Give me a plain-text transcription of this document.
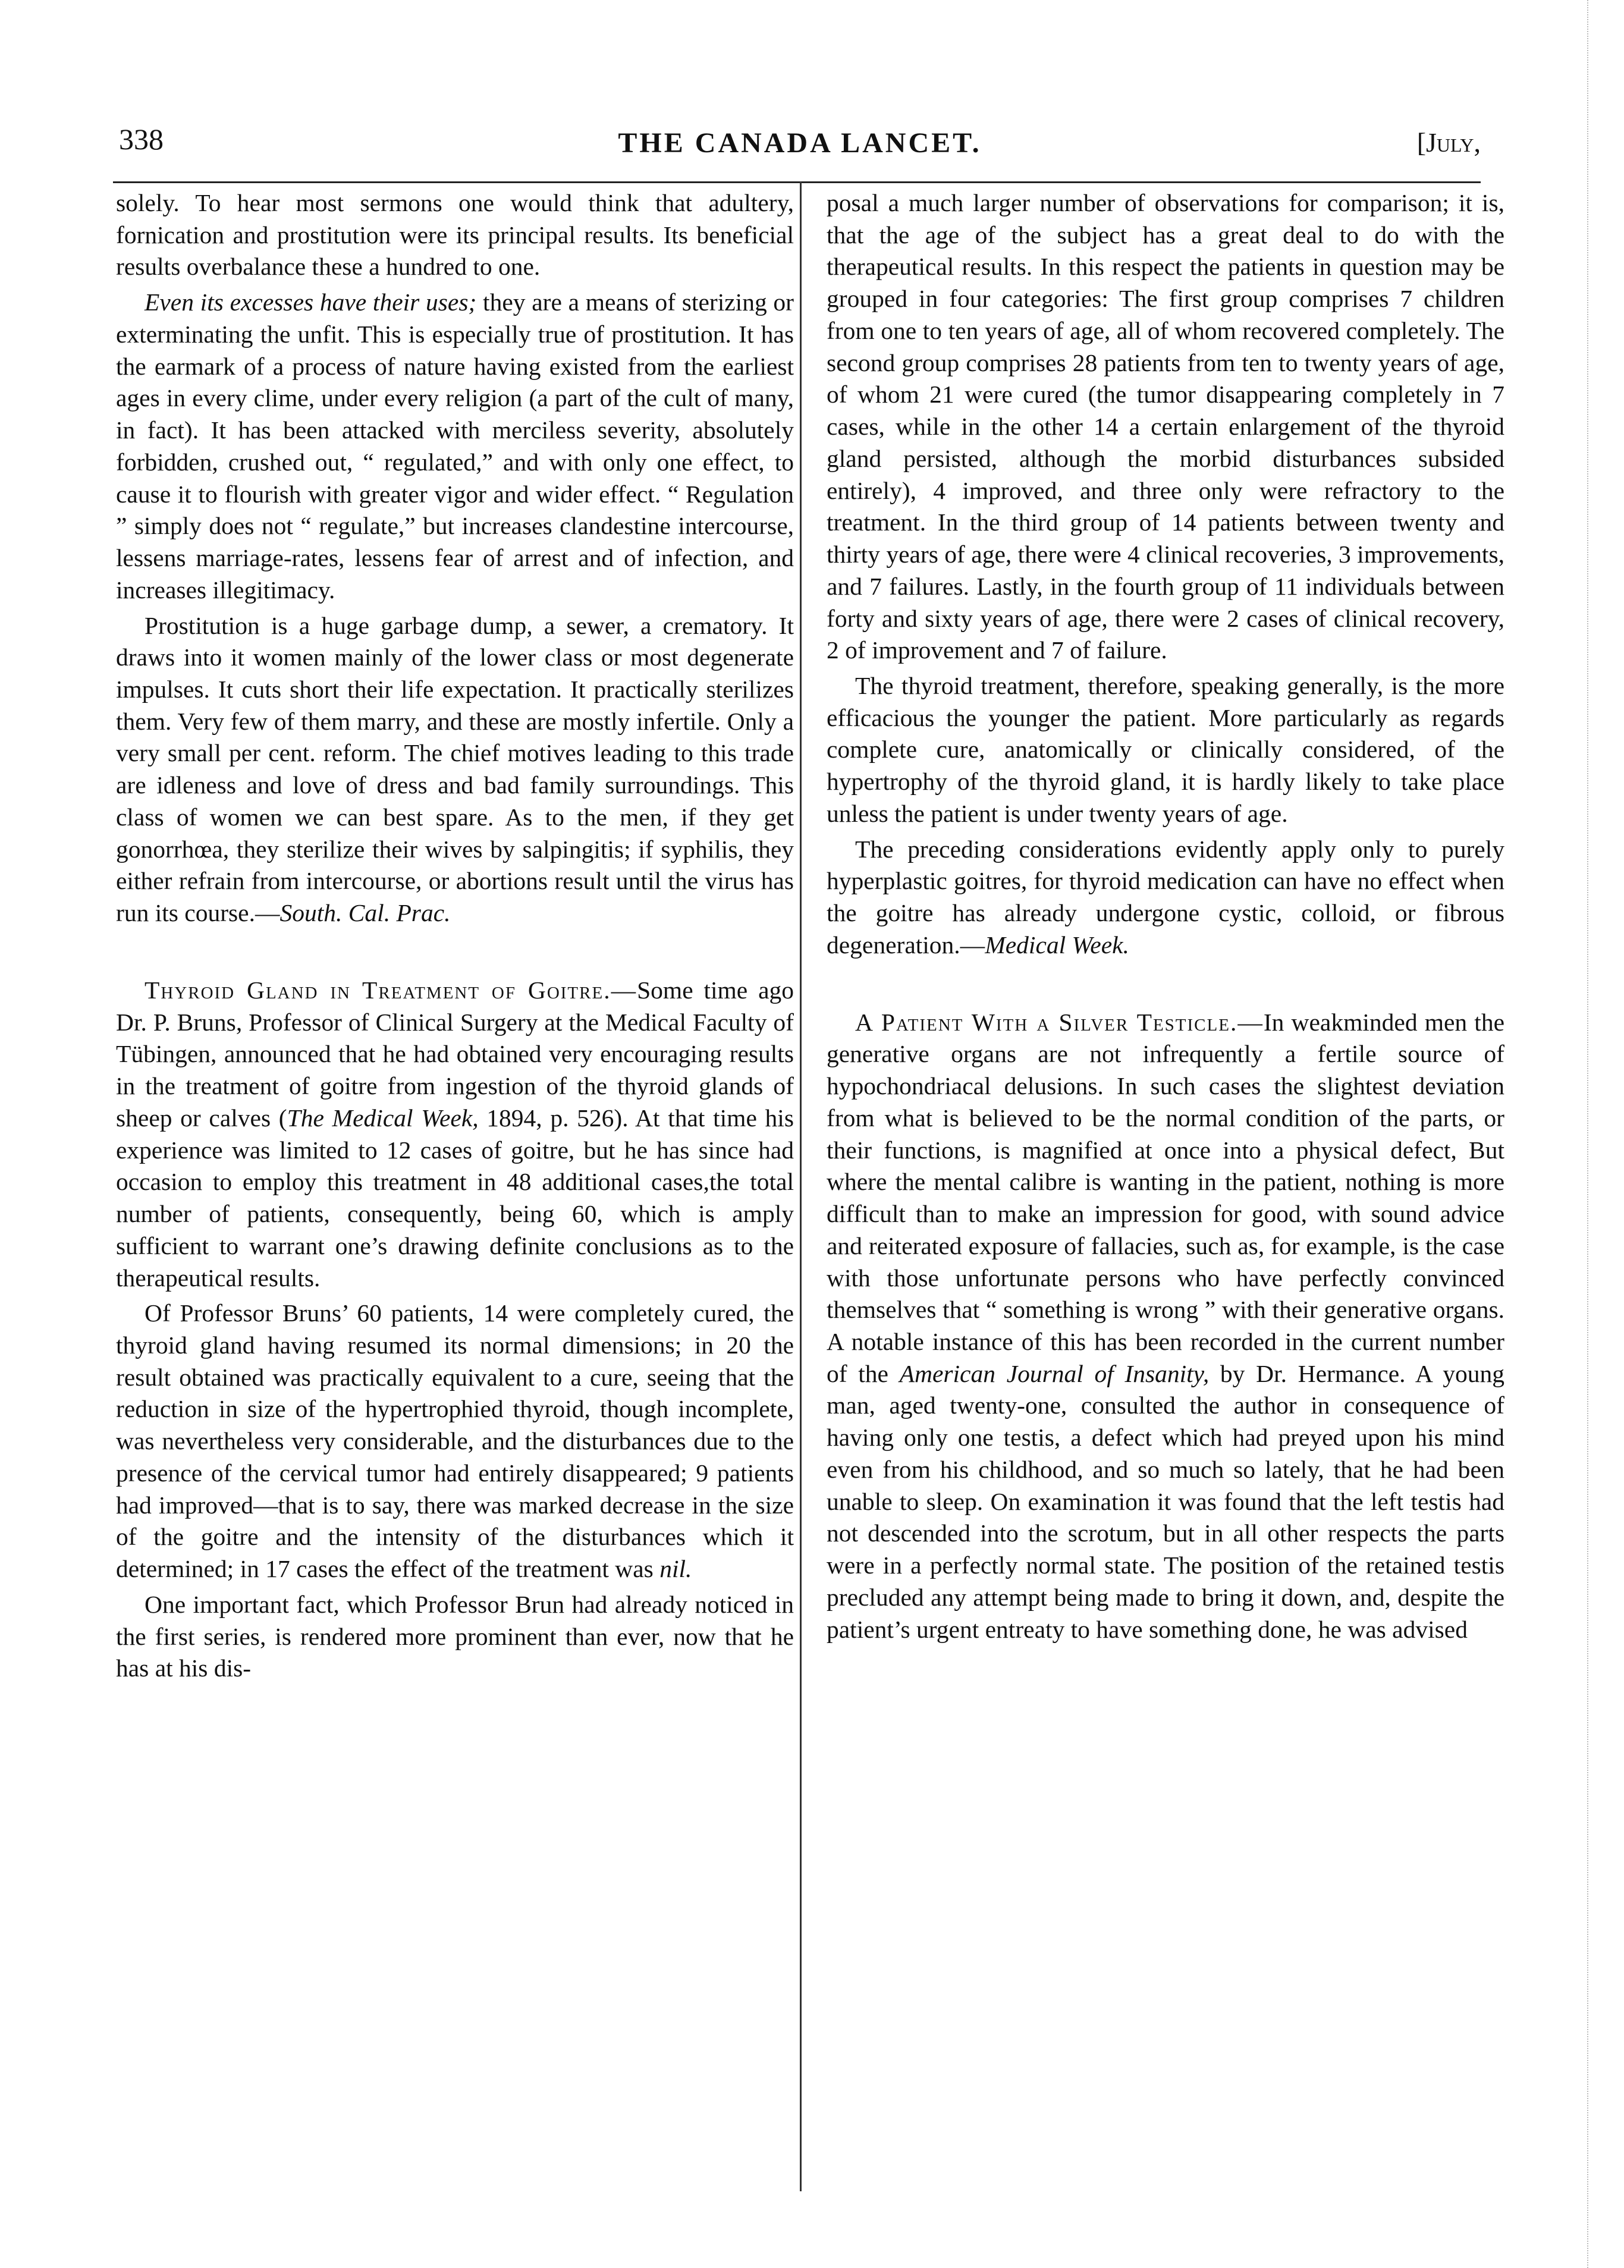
338	THE CANADA LANCET.	[July,

solely. To hear most sermons one would think that adultery, fornication and prostitution were its principal results. Its beneficial results overbalance these a hundred to one.

Even its excesses have their uses; they are a means of sterizing or exterminating the unfit. This is especially true of prostitution. It has the earmark of a process of nature having existed from the earliest ages in every clime, under every religion (a part of the cult of many, in fact). It has been attacked with merciless severity, absolutely forbidden, crushed out, “ regulated,” and with only one effect, to cause it to flourish with greater vigor and wider effect. “ Regulation ” simply does not “ regulate,” but increases clandestine intercourse, lessens marriage-rates, lessens fear of arrest and of infection, and increases illegitimacy.

Prostitution is a huge garbage dump, a sewer, a crematory. It draws into it women mainly of the lower class or most degenerate impulses. It cuts short their life expectation. It practically sterilizes them. Very few of them marry, and these are mostly infertile. Only a very small per cent. reform. The chief motives leading to this trade are idleness and love of dress and bad family surroundings. This class of women we can best spare. As to the men, if they get gonorrhœa, they sterilize their wives by salpingitis; if syphilis, they either refrain from intercourse, or abortions result until the virus has run its course.—South. Cal. Prac.

Thyroid Gland in Treatment of Goitre.—Some time ago Dr. P. Bruns, Professor of Clinical Surgery at the Medical Faculty of Tübingen, announced that he had obtained very encouraging results in the treatment of goitre from ingestion of the thyroid glands of sheep or calves (The Medical Week, 1894, p. 526). At that time his experience was limited to 12 cases of goitre, but he has since had occasion to employ this treatment in 48 additional cases,the total number of patients, consequently, being 60, which is amply sufficient to warrant one’s drawing definite conclusions as to the therapeutical results.

Of Professor Bruns’ 60 patients, 14 were completely cured, the thyroid gland having resumed its normal dimensions; in 20 the result obtained was practically equivalent to a cure, seeing that the reduction in size of the hypertrophied thyroid, though incomplete, was nevertheless very considerable, and the disturbances due to the presence of the cervical tumor had entirely disappeared; 9 patients had improved—that is to say, there was marked decrease in the size of the goitre and the intensity of the disturbances which it determined; in 17 cases the effect of the treatment was nil.

One important fact, which Professor Brun had already noticed in the first series, is rendered more prominent than ever, now that he has at his dis-

posal a much larger number of observations for comparison; it is, that the age of the subject has a great deal to do with the therapeutical results. In this respect the patients in question may be grouped in four categories: The first group comprises 7 children from one to ten years of age, all of whom recovered completely. The second group comprises 28 patients from ten to twenty years of age, of whom 21 were cured (the tumor disappearing completely in 7 cases, while in the other 14 a certain enlargement of the thyroid gland persisted, although the morbid disturbances subsided entirely), 4 improved, and three only were refractory to the treatment. In the third group of 14 patients between twenty and thirty years of age, there were 4 clinical recoveries, 3 improvements, and 7 failures. Lastly, in the fourth group of 11 individuals between forty and sixty years of age, there were 2 cases of clinical recovery, 2 of improvement and 7 of failure.

The thyroid treatment, therefore, speaking generally, is the more efficacious the younger the patient. More particularly as regards complete cure, anatomically or clinically considered, of the hypertrophy of the thyroid gland, it is hardly likely to take place unless the patient is under twenty years of age.

The preceding considerations evidently apply only to purely hyperplastic goitres, for thyroid medication can have no effect when the goitre has already undergone cystic, colloid, or fibrous degeneration.—Medical Week.

A Patient With a Silver Testicle.—In weakminded men the generative organs are not infrequently a fertile source of hypochondriacal delusions. In such cases the slightest deviation from what is believed to be the normal condition of the parts, or their functions, is magnified at once into a physical defect, But where the mental calibre is wanting in the patient, nothing is more difficult than to make an impression for good, with sound advice and reiterated exposure of fallacies, such as, for example, is the case with those unfortunate persons who have perfectly convinced themselves that “ something is wrong ” with their generative organs. A notable instance of this has been recorded in the current number of the American Journal of Insanity, by Dr. Hermance. A young man, aged twenty-one, consulted the author in consequence of having only one testis, a defect which had preyed upon his mind even from his childhood, and so much so lately, that he had been unable to sleep. On examination it was found that the left testis had not descended into the scrotum, but in all other respects the parts were in a perfectly normal state. The position of the retained testis precluded any attempt being made to bring it down, and, despite the patient’s urgent entreaty to have something done, he was advised
